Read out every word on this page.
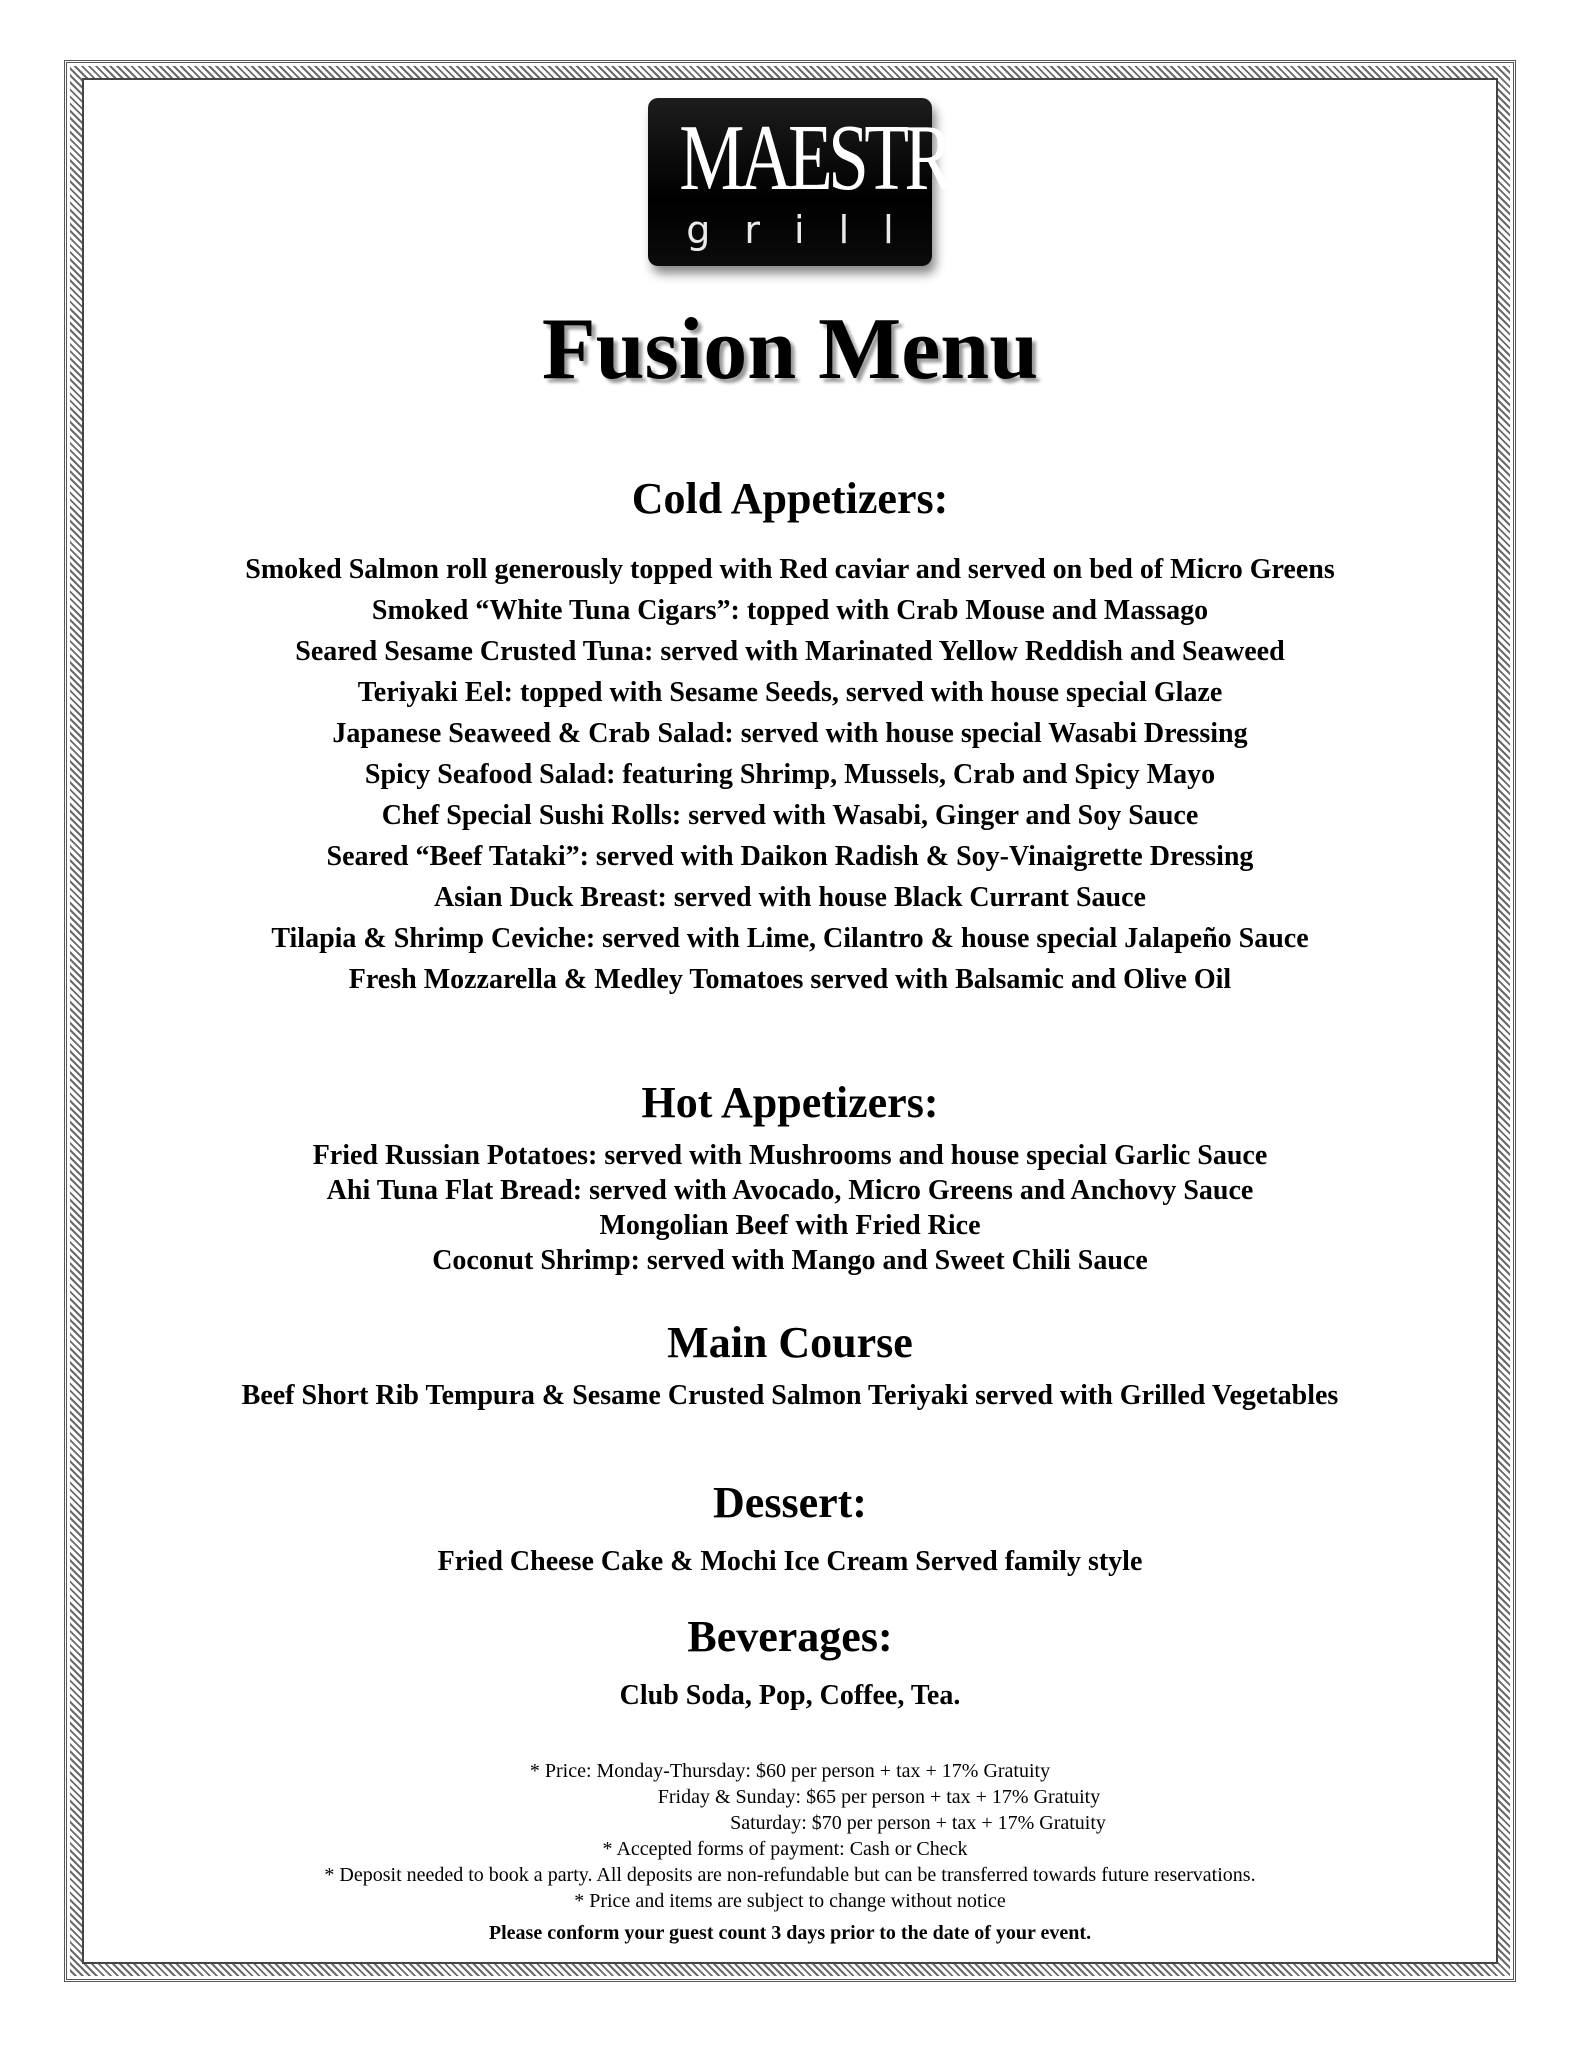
MAESTRO
grill
Fusion Menu
Cold Appetizers:
Smoked Salmon roll generously topped with Red caviar and served on bed of Micro Greens
Smoked “White Tuna Cigars”: topped with Crab Mouse and Massago
Seared Sesame Crusted Tuna: served with Marinated Yellow Reddish and Seaweed
Teriyaki Eel: topped with Sesame Seeds, served with house special Glaze
Japanese Seaweed & Crab Salad: served with house special Wasabi Dressing
Spicy Seafood Salad: featuring Shrimp, Mussels, Crab and Spicy Mayo
Chef Special Sushi Rolls: served with Wasabi, Ginger and Soy Sauce
Seared “Beef Tataki”: served with Daikon Radish & Soy-Vinaigrette Dressing
Asian Duck Breast: served with house Black Currant Sauce
Tilapia & Shrimp Ceviche: served with Lime, Cilantro & house special Jalapeño Sauce
Fresh Mozzarella & Medley Tomatoes served with Balsamic and Olive Oil
Hot Appetizers:
Fried Russian Potatoes: served with Mushrooms and house special Garlic Sauce
Ahi Tuna Flat Bread: served with Avocado, Micro Greens and Anchovy Sauce
Mongolian Beef with Fried Rice
Coconut Shrimp: served with Mango and Sweet Chili Sauce
Main Course
Beef Short Rib Tempura & Sesame Crusted Salmon Teriyaki served with Grilled Vegetables
Dessert:
Fried Cheese Cake & Mochi Ice Cream Served family style
Beverages:
Club Soda, Pop, Coffee, Tea.
* Price: Monday-Thursday: $60 per person + tax + 17% Gratuity
Friday & Sunday: $65 per person + tax + 17% Gratuity
Saturday: $70 per person + tax + 17% Gratuity
* Accepted forms of payment: Cash or Check
* Deposit needed to book a party. All deposits are non-refundable but can be transferred towards future reservations.
* Price and items are subject to change without notice
Please conform your guest count 3 days prior to the date of your event.
